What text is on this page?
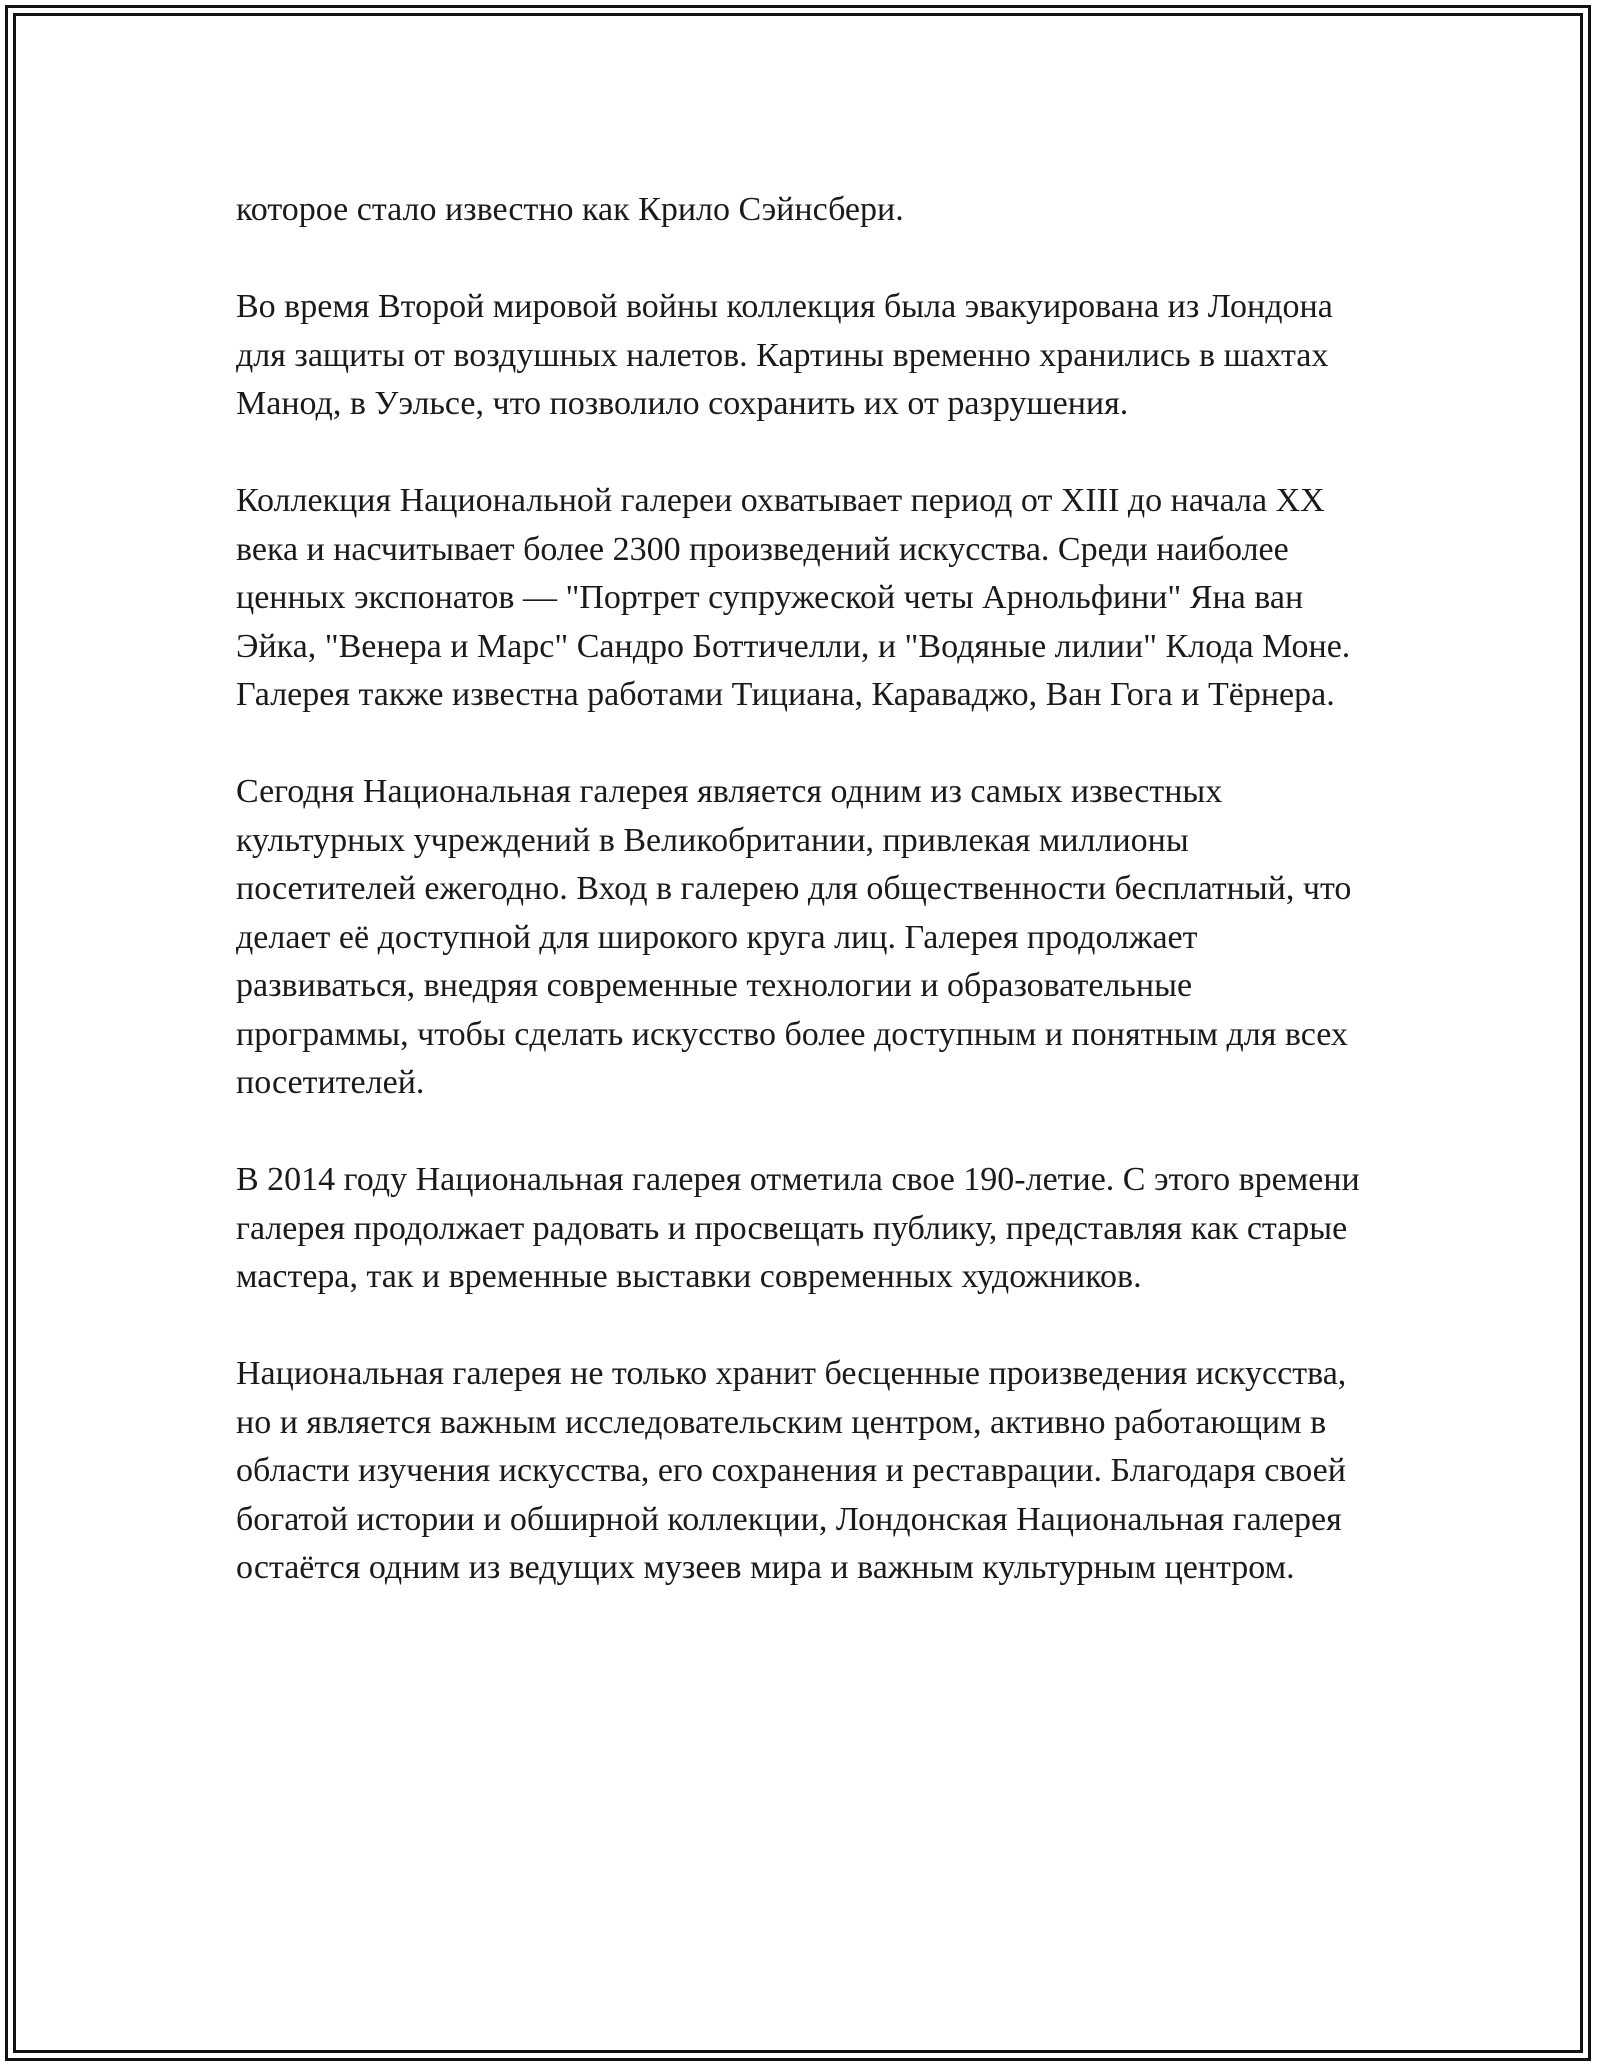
которое стало известно как Крило Сэйнсбери.

Во время Второй мировой войны коллекция была эвакуирована из Лондона для защиты от воздушных налетов. Картины временно хранились в шахтах Манод, в Уэльсе, что позволило сохранить их от разрушения.

Коллекция Национальной галереи охватывает период от XIII до начала XX века и насчитывает более 2300 произведений искусства. Среди наиболее ценных экспонатов — "Портрет супружеской четы Арнольфини" Яна ван Эйка, "Венера и Марс" Сандро Боттичелли, и "Водяные лилии" Клода Моне. Галерея также известна работами Тициана, Караваджо, Ван Гога и Тёрнера.

Сегодня Национальная галерея является одним из самых известных культурных учреждений в Великобритании, привлекая миллионы посетителей ежегодно. Вход в галерею для общественности бесплатный, что делает её доступной для широкого круга лиц. Галерея продолжает развиваться, внедряя современные технологии и образовательные программы, чтобы сделать искусство более доступным и понятным для всех посетителей.

В 2014 году Национальная галерея отметила свое 190-летие. С этого времени галерея продолжает радовать и просвещать публику, представляя как старые мастера, так и временные выставки современных художников.

Национальная галерея не только хранит бесценные произведения искусства, но и является важным исследовательским центром, активно работающим в области изучения искусства, его сохранения и реставрации. Благодаря своей богатой истории и обширной коллекции, Лондонская Национальная галерея остаётся одним из ведущих музеев мира и важным культурным центром.
